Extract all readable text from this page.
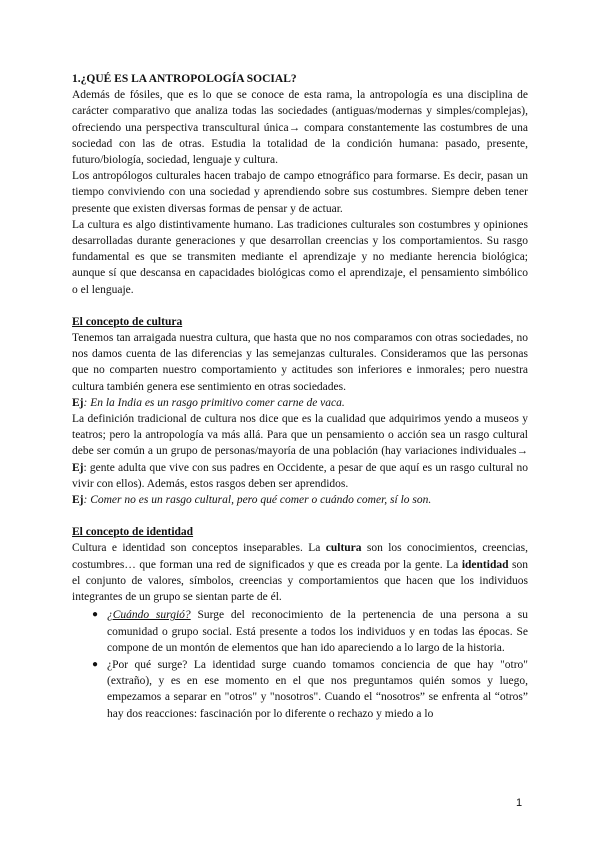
1.¿QUÉ ES LA ANTROPOLOGÍA SOCIAL?

Además de fósiles, que es lo que se conoce de esta rama, la antropología es una disciplina de carácter comparativo que analiza todas las sociedades (antiguas/modernas y simples/complejas), ofreciendo una perspectiva transcultural única→ compara constantemente las costumbres de una sociedad con las de otras. Estudia la totalidad de la condición humana: pasado, presente, futuro/biología, sociedad, lenguaje y cultura.

Los antropólogos culturales hacen trabajo de campo etnográfico para formarse. Es decir, pasan un tiempo conviviendo con una sociedad y aprendiendo sobre sus costumbres. Siempre deben tener presente que existen diversas formas de pensar y de actuar.

La cultura es algo distintivamente humano. Las tradiciones culturales son costumbres y opiniones desarrolladas durante generaciones y que desarrollan creencias y los comportamientos. Su rasgo fundamental es que se transmiten mediante el aprendizaje y no mediante herencia biológica; aunque sí que descansa en capacidades biológicas como el aprendizaje, el pensamiento simbólico o el lenguaje.

El concepto de cultura

Tenemos tan arraigada nuestra cultura, que hasta que no nos comparamos con otras sociedades, no nos damos cuenta de las diferencias y las semejanzas culturales. Consideramos que las personas que no comparten nuestro comportamiento y actitudes son inferiores e inmorales; pero nuestra cultura también genera ese sentimiento en otras sociedades.

Ej: En la India es un rasgo primitivo comer carne de vaca.

La definición tradicional de cultura nos dice que es la cualidad que adquirimos yendo a museos y teatros; pero la antropología va más allá. Para que un pensamiento o acción sea un rasgo cultural debe ser común a un grupo de personas/mayoría de una población (hay variaciones individuales→ Ej: gente adulta que vive con sus padres en Occidente, a pesar de que aquí es un rasgo cultural no vivir con ellos). Además, estos rasgos deben ser aprendidos.

Ej: Comer no es un rasgo cultural, pero qué comer o cuándo comer, sí lo son.

El concepto de identidad

Cultura e identidad son conceptos inseparables. La cultura son los conocimientos, creencias, costumbres… que forman una red de significados y que es creada por la gente. La identidad son el conjunto de valores, símbolos, creencias y comportamientos que hacen que los individuos integrantes de un grupo se sientan parte de él.

● ¿Cuándo surgió? Surge del reconocimiento de la pertenencia de una persona a su comunidad o grupo social. Está presente a todos los individuos y en todas las épocas. Se compone de un montón de elementos que han ido apareciendo a lo largo de la historia.
● ¿Por qué surge? La identidad surge cuando tomamos conciencia de que hay "otro" (extraño), y es en ese momento en el que nos preguntamos quién somos y luego, empezamos a separar en "otros" y "nosotros". Cuando el “nosotros” se enfrenta al “otros” hay dos reacciones: fascinación por lo diferente o rechazo y miedo a lo
1
